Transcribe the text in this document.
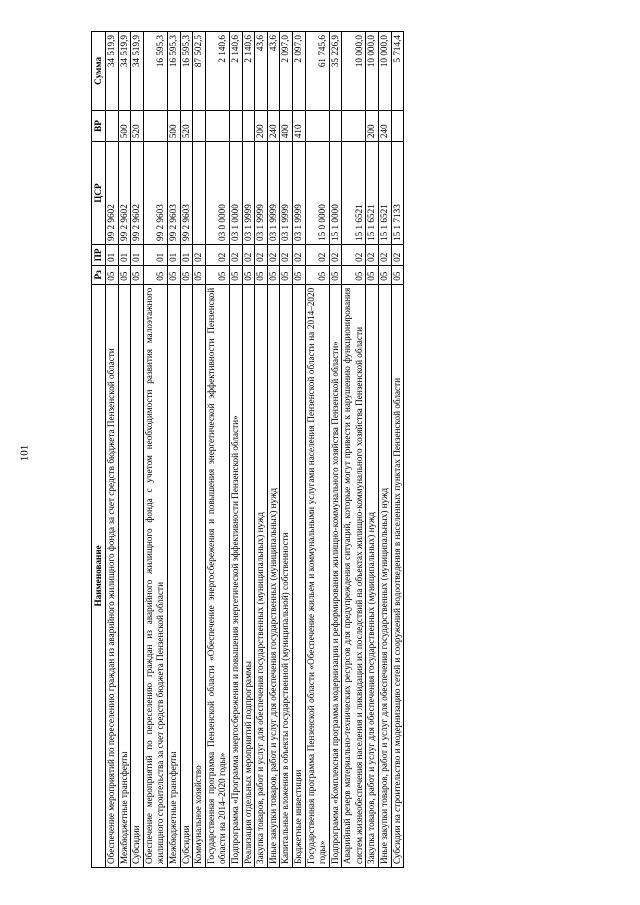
101
Наименование	Рз	ПР	ЦСР	ВР	Сумма
Обеспечение мероприятий по переселению граждан из аварийного жилищного фонда за счет средств бюджета Пензенской области	05	01	99 2 9602		34 519,9
Межбюджетные трансферты	05	01	99 2 9602	500	34 519,9
Субсидии	05	01	99 2 9602	520	34 519,9
Обеспечение мероприятий по переселению граждан из аварийного жилищного фонда с учетом необходимости развития малоэтажного жилищного строительства за счет средств бюджета Пензенской области	05	01	99 2 9603		16 595,3
Межбюджетные трансферты	05	01	99 2 9603	500	16 595,3
Субсидии	05	01	99 2 9603	520	16 595,3
Коммунальное хозяйство	05	02			87 502,5
Государственная программа Пензенской области «Обеспечение энергосбережения и повышения энергетической эффективности Пензенской области на 2014–2020 годы»	05	02	03 0 0000		2 140,6
Подпрограмма «Программа энергосбережения и повышения энергетической эффективности Пензенской области»	05	02	03 1 0000		2 140,6
Реализация отдельных мероприятий подпрограммы	05	02	03 1 9999		2 140,6
Закупка товаров, работ и услуг для обеспечения государственных (муниципальных) нужд	05	02	03 1 9999	200	43,6
Иные закупки товаров, работ и услуг для обеспечения государственных (муниципальных) нужд	05	02	03 1 9999	240	43,6
Капитальные вложения в объекты государственной (муниципальной) собственности	05	02	03 1 9999	400	2 097,0
Бюджетные инвестиции	05	02	03 1 9999	410	2 097,0
Государственная программа Пензенской области «Обеспечение жильем и коммунальными услугами населения Пензенской области на 2014–2020 годы»	05	02	15 0 0000		61 745,6
Подпрограмма «Комплексная программа модернизации и реформирования жилищно-коммунального хозяйства Пензенской области»	05	02	15 1 0000		35 226,9
Аварийный резерв материально-технических ресурсов для предупреждения ситуаций, которые могут привести к нарушению функционирования систем жизнеобеспечения населения и ликвидации их последствий на объектах жилищно-коммунального хозяйства Пензенской области	05	02	15 1 6521		10 000,0
Закупка товаров, работ и услуг для обеспечения государственных (муниципальных) нужд	05	02	15 1 6521	200	10 000,0
Иные закупки товаров, работ и услуг для обеспечения государственных (муниципальных) нужд	05	02	15 1 6521	240	10 000,0
Субсидии на строительство и модернизацию сетей и сооружений водоотведения в населенных пунктах Пензенской области	05	02	15 1 7133		5 714,4
